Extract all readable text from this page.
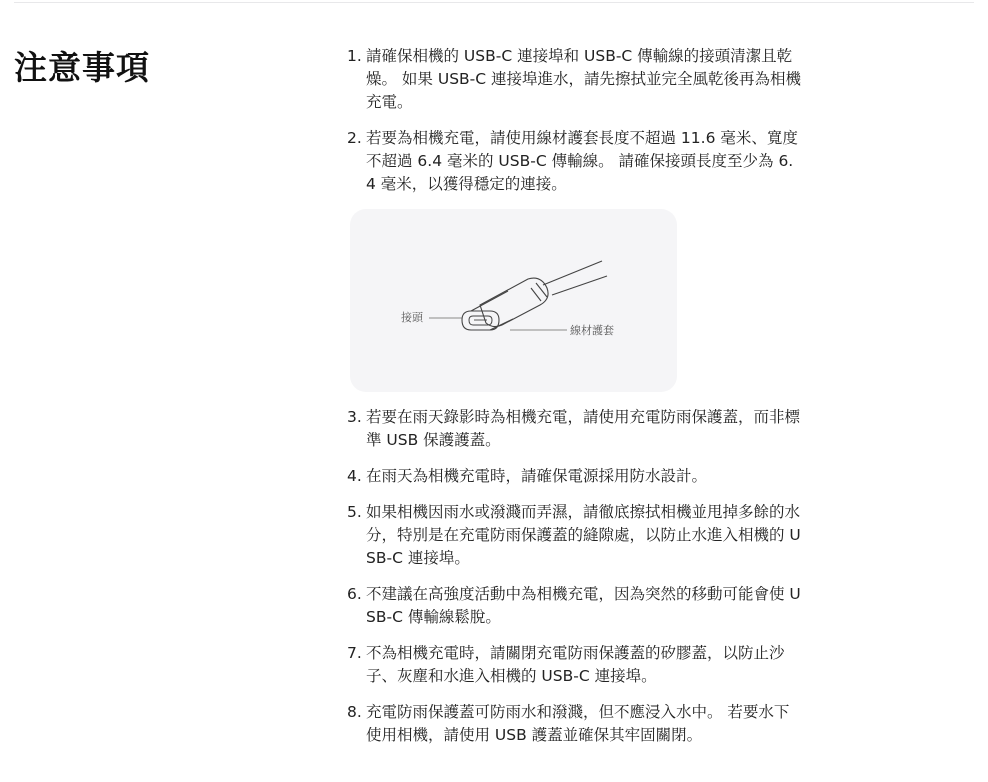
注意事項	1. 請確保相機的 USB-C 連接埠和 USB-C 傳輸線的接頭清潔且乾燥。 如果 USB-C 連接埠進水，請先擦拭並完全風乾後再為相機充電。
2. 若要為相機充電，請使用線材護套長度不超過 11.6 毫米、寬度不超過 6.4 毫米的 USB-C 傳輸線。 請確保接頭長度至少為 6.4 毫米，以獲得穩定的連接。
接頭
線材護套
3. 若要在雨天錄影時為相機充電，請使用充電防雨保護蓋，而非標準 USB 保護護蓋。
4. 在雨天為相機充電時，請確保電源採用防水設計。
5. 如果相機因雨水或潑濺而弄濕，請徹底擦拭相機並甩掉多餘的水分，特別是在充電防雨保護蓋的縫隙處，以防止水進入相機的 USB-C 連接埠。
6. 不建議在高強度活動中為相機充電，因為突然的移動可能會使 USB-C 傳輸線鬆脫。
7. 不為相機充電時，請關閉充電防雨保護蓋的矽膠蓋，以防止沙子、灰塵和水進入相機的 USB-C 連接埠。
8. 充電防雨保護蓋可防雨水和潑濺，但不應浸入水中。 若要水下使用相機，請使用 USB 護蓋並確保其牢固關閉。
